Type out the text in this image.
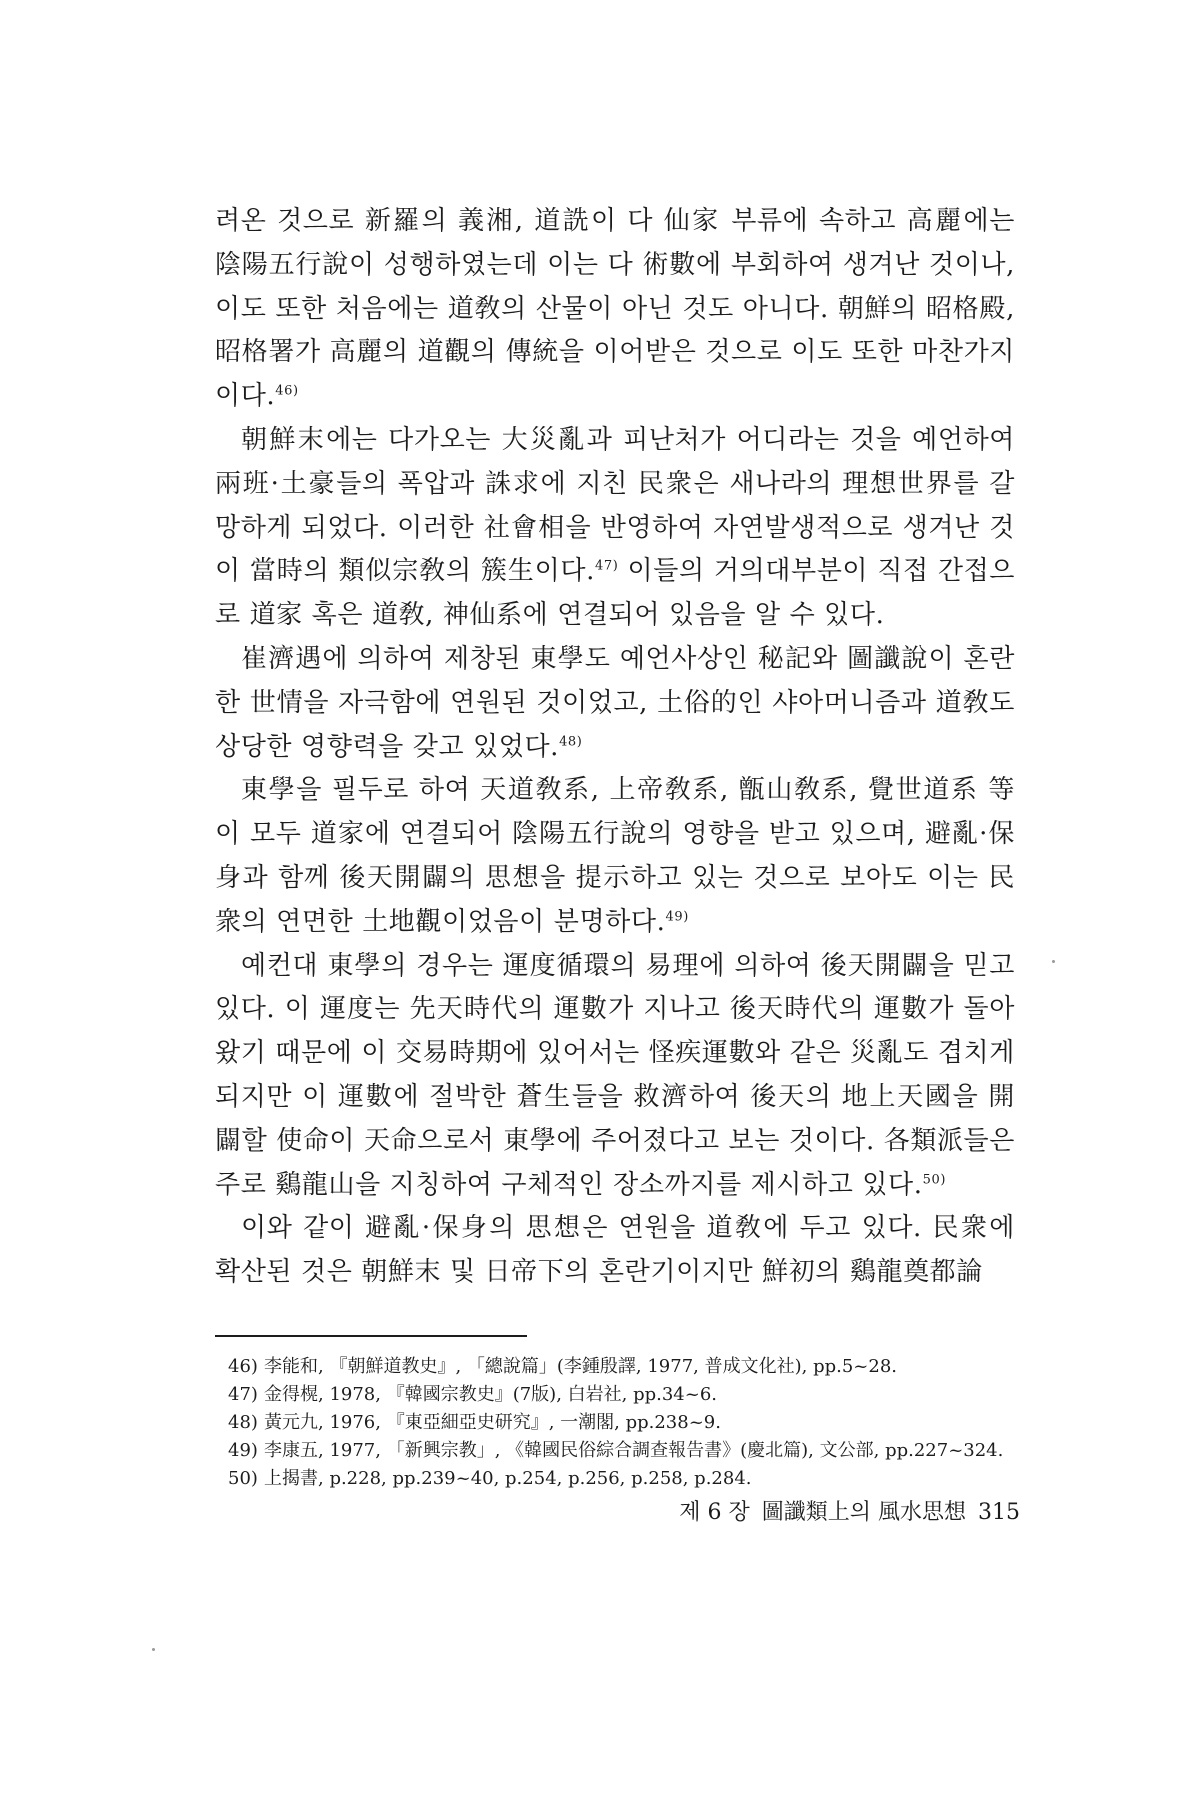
려온 것으로 新羅의 義湘, 道詵이 다 仙家 부류에 속하고 高麗에는 陰陽五行說이 성행하였는데 이는 다 術數에 부회하여 생겨난 것이나, 이도 또한 처음에는 道敎의 산물이 아닌 것도 아니다. 朝鮮의 昭格殿, 昭格署가 高麗의 道觀의 傳統을 이어받은 것으로 이도 또한 마찬가지이다.$^{46)}$

朝鮮末에는 다가오는 大災亂과 피난처가 어디라는 것을 예언하여 兩班·土豪들의 폭압과 誅求에 지친 民衆은 새나라의 理想世界를 갈망하게 되었다. 이러한 社會相을 반영하여 자연발생적으로 생겨난 것이 當時의 類似宗敎의 簇生이다.$^{47)}$ 이들의 거의대부분이 직접 간접으로 道家 혹은 道敎, 神仙系에 연결되어 있음을 알 수 있다.

崔濟遇에 의하여 제창된 東學도 예언사상인 秘記와 圖讖說이 혼란한 世情을 자극함에 연원된 것이었고, 土俗的인 샤아머니즘과 道敎도 상당한 영향력을 갖고 있었다.$^{48)}$

東學을 필두로 하여 天道敎系, 上帝敎系, 甑山敎系, 覺世道系 等이 모두 道家에 연결되어 陰陽五行說의 영향을 받고 있으며, 避亂·保身과 함께 後天開闢의 思想을 提示하고 있는 것으로 보아도 이는 民衆의 연면한 土地觀이었음이 분명하다.$^{49)}$

예컨대 東學의 경우는 運度循環의 易理에 의하여 後天開闢을 믿고 있다. 이 運度는 先天時代의 運數가 지나고 後天時代의 運數가 돌아왔기 때문에 이 交易時期에 있어서는 怪疾運數와 같은 災亂도 겹치게 되지만 이 運數에 절박한 蒼生들을 救濟하여 後天의 地上天國을 開闢할 使命이 天命으로서 東學에 주어졌다고 보는 것이다. 各類派들은 주로 鷄龍山을 지칭하여 구체적인 장소까지를 제시하고 있다.$^{50)}$

이와 같이 避亂·保身의 思想은 연원을 道敎에 두고 있다. 民衆에 확산된 것은 朝鮮末 및 日帝下의 혼란기이지만 鮮初의 鷄龍奠都論

46) 李能和, 『朝鮮道教史』, 「總說篇」(李鍾殷譯, 1977, 普成文化社), pp.5~28.

47) 金得榥, 1978, 『韓國宗教史』(7版), 白岩社, pp.34~6.

48) 黃元九, 1976, 『東亞細亞史研究』, 一潮閣, pp.238~9.

49) 李康五, 1977, 「新興宗教」, 《韓國民俗綜合調查報告書》(慶北篇), 文公部, pp.227~324.

50) 上揭書, p.228, pp.239~40, p.254, p.256, p.258, p.284.

제 6 장 圖讖類上의 風水思想 315
